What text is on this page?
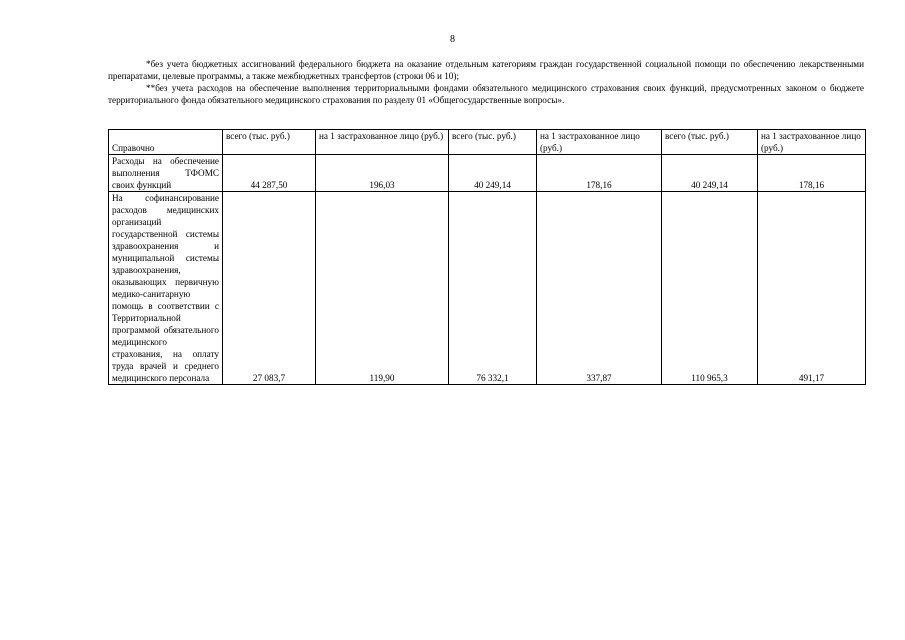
8

*без учета бюджетных ассигнований федерального бюджета на оказание отдельным категориям граждан государственной социальной помощи по обеспечению лекарственными препаратами, целевые программы, а также межбюджетных трансфертов (строки 06 и 10);

**без учета расходов на обеспечение выполнения территориальными фондами обязательного медицинского страхования своих функций, предусмотренных законом о бюджете территориального фонда обязательного медицинского страхования по разделу 01 «Общегосударственные вопросы».

Справочно	всего (тыс. руб.)	на 1 застрахованное лицо (руб.)	всего (тыс. руб.)	на 1 застрахованное лицо (руб.)	всего (тыс. руб.)	на 1 застрахованное лицо (руб.)
Расходы на обеспечение выполнения ТФОМС своих функций	44 287,50	196,03	40 249,14	178,16	40 249,14	178,16
На софинансирование расходов медицинских организаций государственной системы здравоохранения и муниципальной системы здравоохранения, оказывающих первичную медико-санитарную помощь в соответствии с Территориальной программой обязательного медицинского страхования, на оплату труда врачей и среднего медицинского персонала	27 083,7	119,90	76 332,1	337,87	110 965,3	491,17
